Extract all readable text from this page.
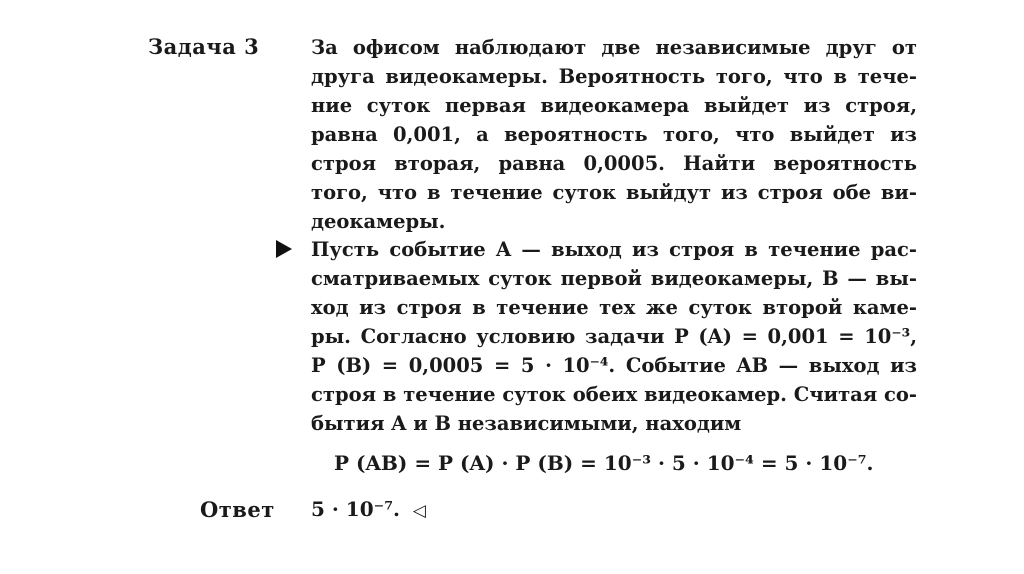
Задача 3	За офисом наблюдают две независимые друг от
друга видеокамеры. Вероятность того, что в тече-
ние суток первая видеокамера выйдет из строя,
равна 0,001, а вероятность того, что выйдет из
строя вторая, равна 0,0005. Найти вероятность
того, что в течение суток выйдут из строя обе ви-
деокамеры.
Пусть событие A — выход из строя в течение рас-
сматриваемых суток первой видеокамеры, B — вы-
ход из строя в течение тех же суток второй каме-
ры. Согласно условию задачи P (A) = 0,001 = 10⁻³,
P (B) = 0,0005 = 5 · 10⁻⁴. Событие AB — выход из
строя в течение суток обеих видеокамер. Считая со-
бытия A и B независимыми, находим
P (AB) = P (A) · P (B) = 10⁻³ · 5 · 10⁻⁴ = 5 · 10⁻⁷.
Ответ 5 · 10⁻⁷. ◁
